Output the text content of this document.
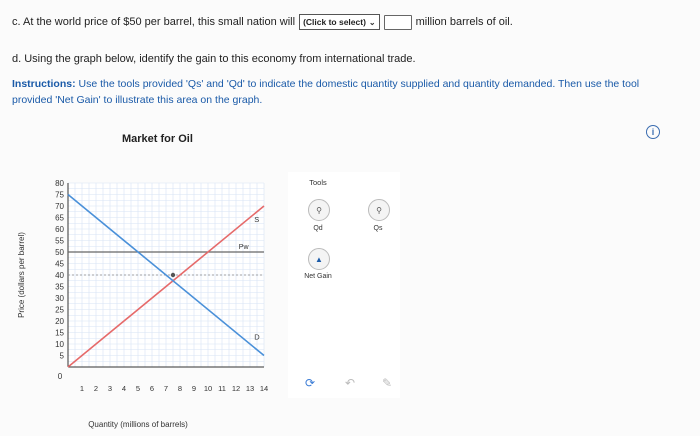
c. At the world price of $50 per barrel, this small nation will (Click to select) ⌄	million barrels of oil.
d. Using the graph below, identify the gain to this economy from international trade.
Instructions: Use the tools provided 'Qs' and 'Qd' to indicate the domestic quantity supplied and quantity demanded. Then use the tool provided 'Net Gain' to illustrate this area on the graph.
Market for Oil
i
5
10
15
20
25
30
35
40
45
50
55
60
65
70
75
80
0
1 2 3 4 5 6 7 8 9 10 11 12 13 14
Pw
S
D
Quantity (millions of barrels)
Price (dollars per barrel)
Tools
⚲
Qd
⚲
Qs
▲
Net Gain
⟳ ↶ ✎
